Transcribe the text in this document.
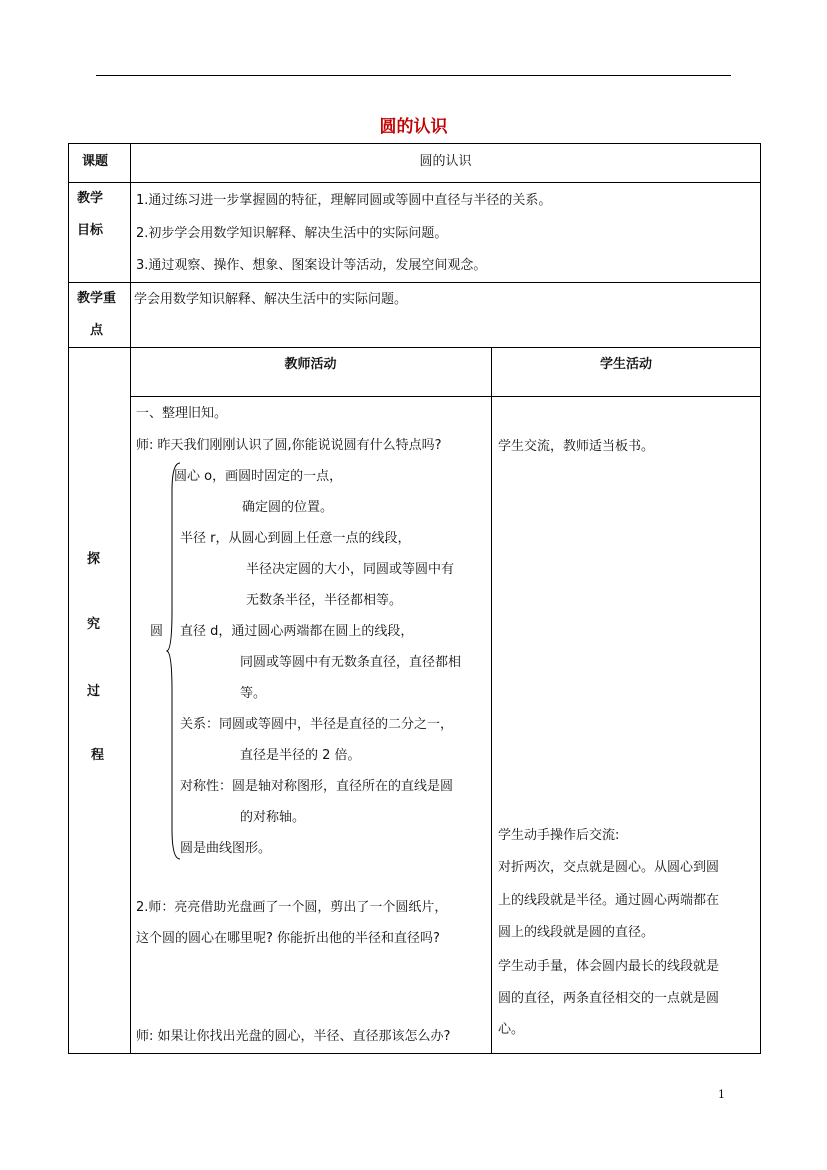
圆的认识
课题	圆的认识
教学
目标
1.通过练习进一步掌握圆的特征，理解同圆或等圆中直径与半径的关系。
2.初步学会用数学知识解释、解决生活中的实际问题。
3.通过观察、操作、想象、图案设计等活动，发展空间观念。
教学重
点
学会用数学知识解释、解决生活中的实际问题。
探
究
过
程
教师活动	学生活动
一、整理旧知。
师: 昨天我们刚刚认识了圆,你能说说圆有什么特点吗?
圆心 o，画圆时固定的一点，
确定圆的位置。
半径 r，从圆心到圆上任意一点的线段，
半径决定圆的大小，同圆或等圆中有
无数条半径，半径都相等。
圆 直径 d，通过圆心两端都在圆上的线段，
同圆或等圆中有无数条直径，直径都相
等。
关系：同圆或等圆中，半径是直径的二分之一，
直径是半径的 2 倍。
对称性：圆是轴对称图形，直径所在的直线是圆
的对称轴。
圆是曲线图形。
2.师：亮亮借助光盘画了一个圆，剪出了一个圆纸片，
这个圆的圆心在哪里呢? 你能折出他的半径和直径吗?
师: 如果让你找出光盘的圆心，半径、直径那该怎么办?
学生交流，教师适当板书。
学生动手操作后交流:
对折两次，交点就是圆心。从圆心到圆
上的线段就是半径。通过圆心两端都在
圆上的线段就是圆的直径。
学生动手量，体会圆内最长的线段就是
圆的直径，两条直径相交的一点就是圆
心。
1
